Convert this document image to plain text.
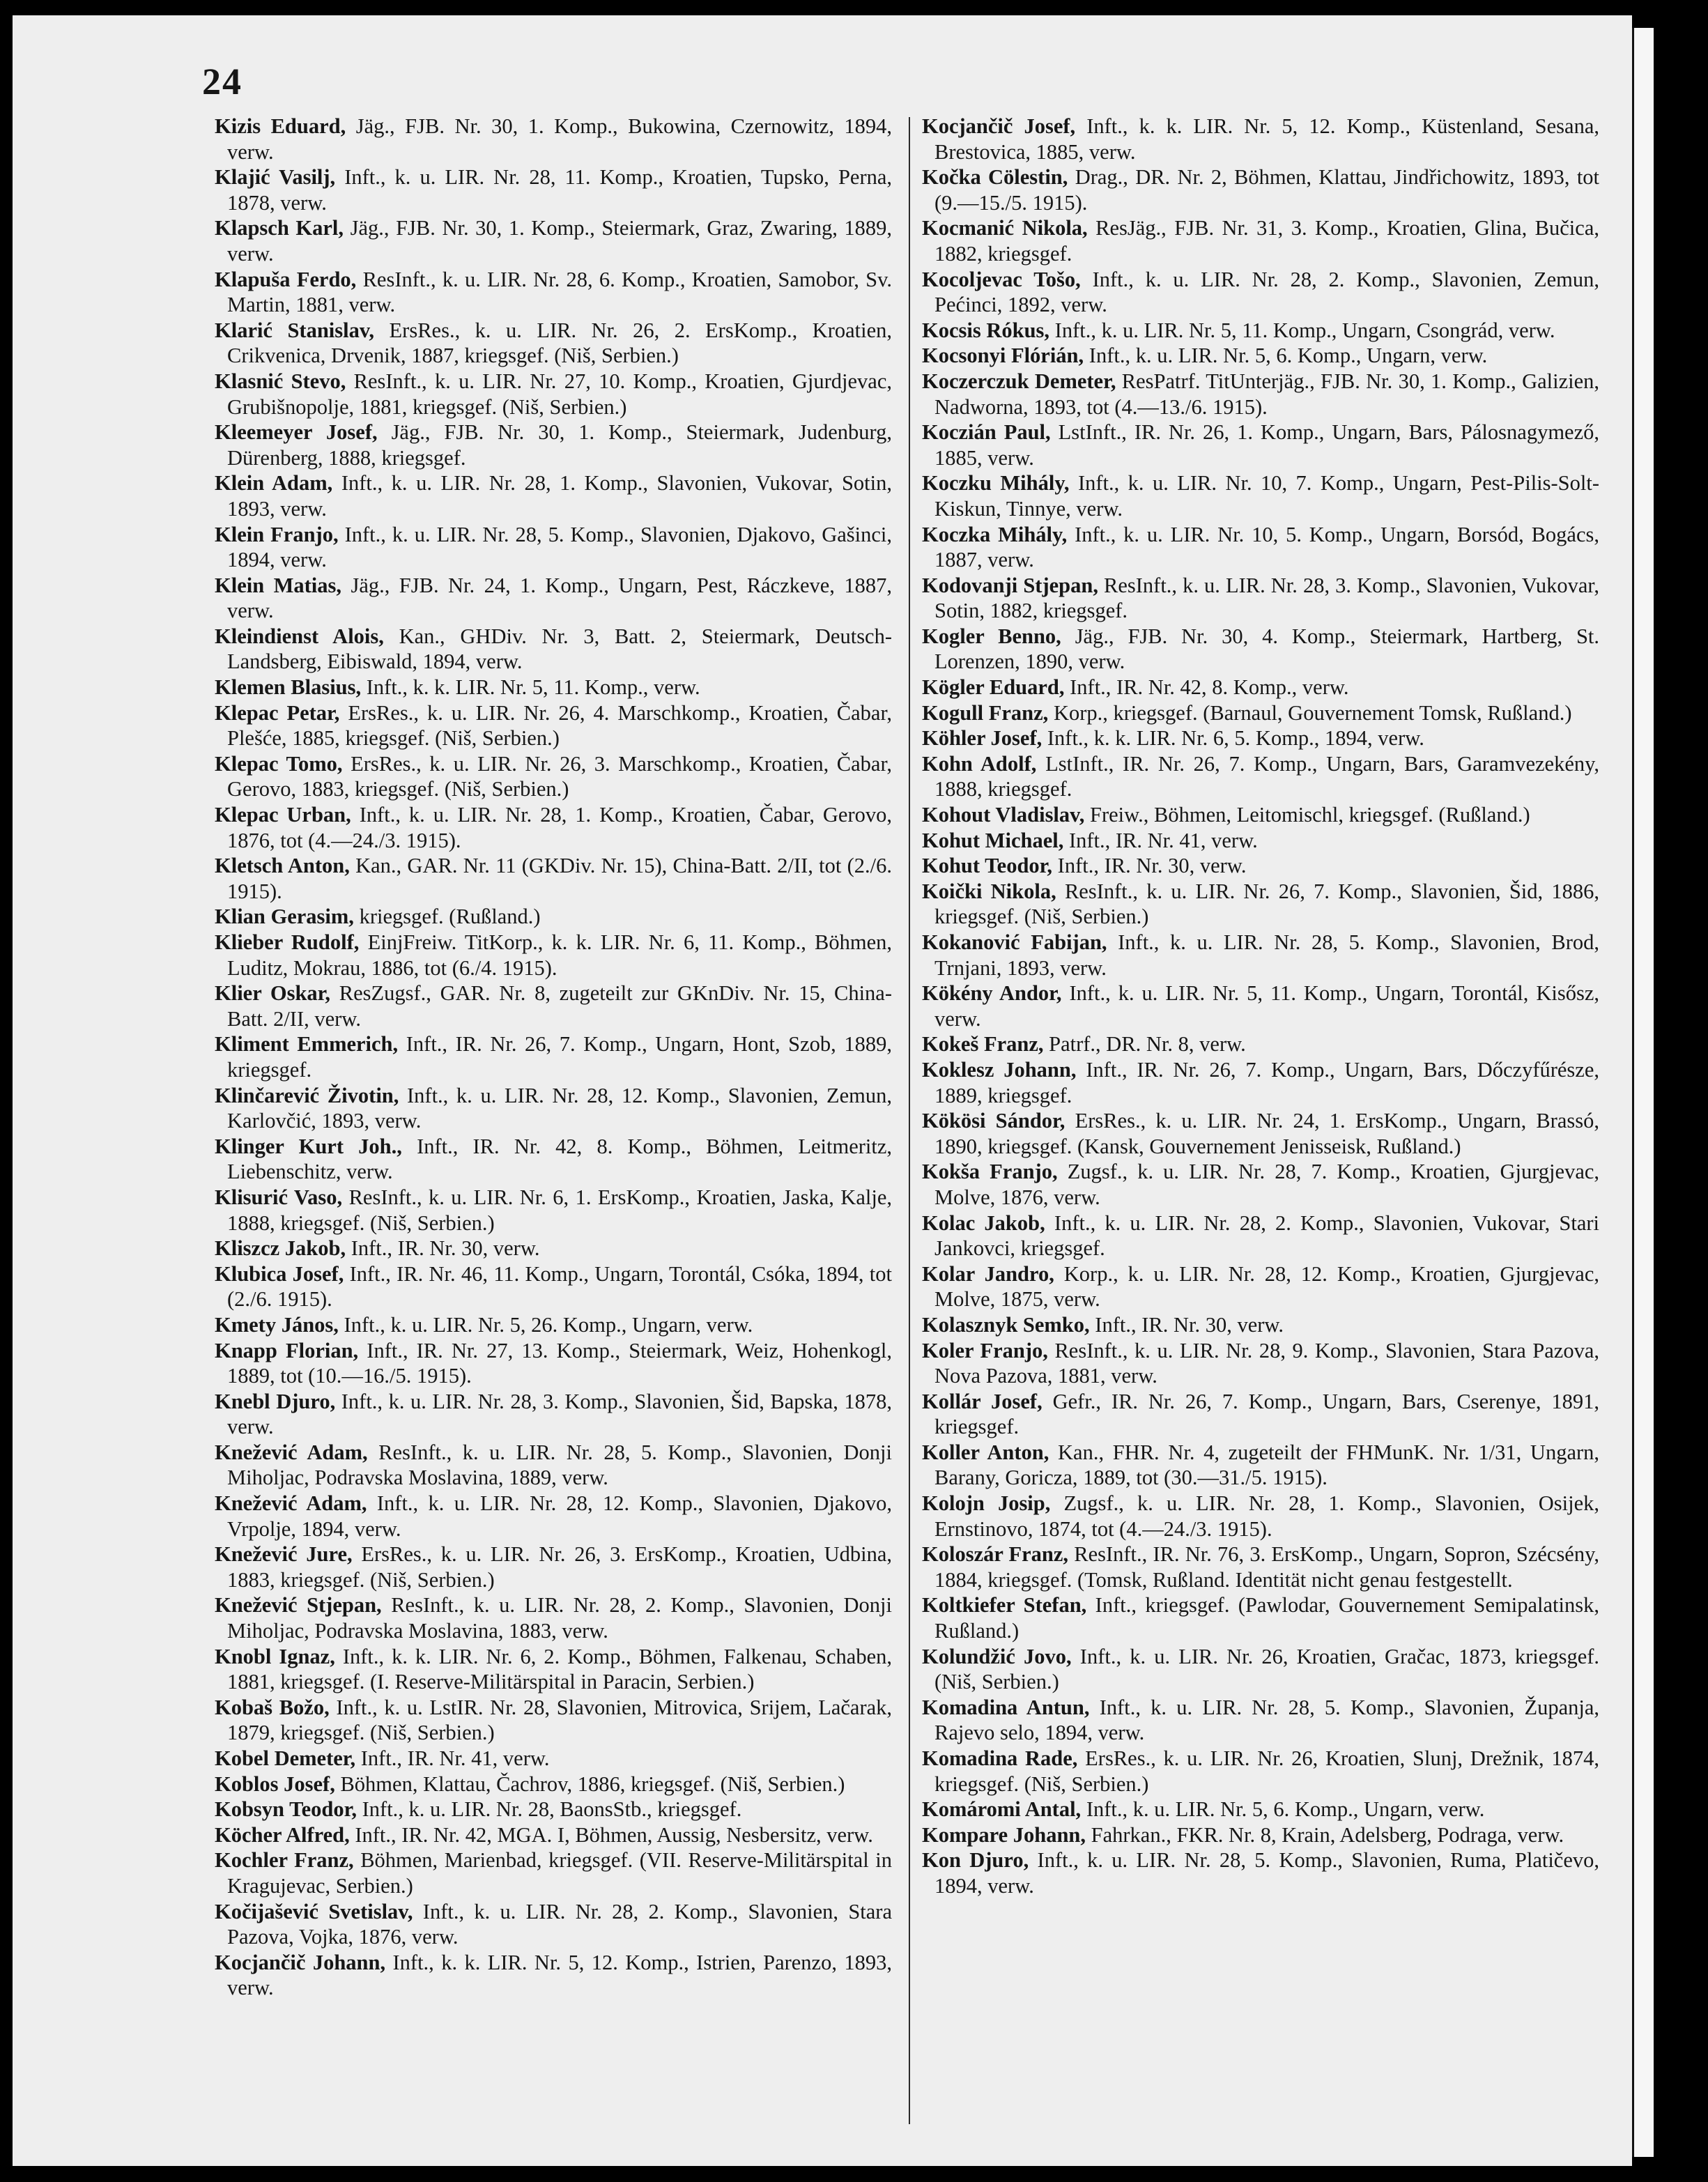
24

Kizis Eduard, Jäg., FJB. Nr. 30, 1. Komp., Bukowina, Czernowitz, 1894, verw.

Klajić Vasilj, Inft., k. u. LIR. Nr. 28, 11. Komp., Kroatien, Tupsko, Perna, 1878, verw.

Klapsch Karl, Jäg., FJB. Nr. 30, 1. Komp., Steiermark, Graz, Zwaring, 1889, verw.

Klapuša Ferdo, ResInft., k. u. LIR. Nr. 28, 6. Komp., Kroatien, Samobor, Sv. Martin, 1881, verw.

Klarić Stanislav, ErsRes., k. u. LIR. Nr. 26, 2. ErsKomp., Kroatien, Crikvenica, Drvenik, 1887, kriegsgef. (Niš, Serbien.)

Klasnić Stevo, ResInft., k. u. LIR. Nr. 27, 10. Komp., Kroatien, Gjurdjevac, Grubišnopolje, 1881, kriegsgef. (Niš, Serbien.)

Kleemeyer Josef, Jäg., FJB. Nr. 30, 1. Komp., Steiermark, Judenburg, Dürenberg, 1888, kriegsgef.

Klein Adam, Inft., k. u. LIR. Nr. 28, 1. Komp., Slavonien, Vukovar, Sotin, 1893, verw.

Klein Franjo, Inft., k. u. LIR. Nr. 28, 5. Komp., Slavonien, Djakovo, Gašinci, 1894, verw.

Klein Matias, Jäg., FJB. Nr. 24, 1. Komp., Ungarn, Pest, Ráczkeve, 1887, verw.

Kleindienst Alois, Kan., GHDiv. Nr. 3, Batt. 2, Steiermark, Deutsch-Landsberg, Eibiswald, 1894, verw.

Klemen Blasius, Inft., k. k. LIR. Nr. 5, 11. Komp., verw.

Klepac Petar, ErsRes., k. u. LIR. Nr. 26, 4. Marschkomp., Kroatien, Čabar, Plešće, 1885, kriegsgef. (Niš, Serbien.)

Klepac Tomo, ErsRes., k. u. LIR. Nr. 26, 3. Marschkomp., Kroatien, Čabar, Gerovo, 1883, kriegsgef. (Niš, Serbien.)

Klepac Urban, Inft., k. u. LIR. Nr. 28, 1. Komp., Kroatien, Čabar, Gerovo, 1876, tot (4.—24./3. 1915).

Kletsch Anton, Kan., GAR. Nr. 11 (GKDiv. Nr. 15), China-Batt. 2/II, tot (2./6. 1915).

Klian Gerasim, kriegsgef. (Rußland.)

Klieber Rudolf, EinjFreiw. TitKorp., k. k. LIR. Nr. 6, 11. Komp., Böhmen, Luditz, Mokrau, 1886, tot (6./4. 1915).

Klier Oskar, ResZugsf., GAR. Nr. 8, zugeteilt zur GKnDiv. Nr. 15, China-Batt. 2/II, verw.

Kliment Emmerich, Inft., IR. Nr. 26, 7. Komp., Ungarn, Hont, Szob, 1889, kriegsgef.

Klinčarević Životin, Inft., k. u. LIR. Nr. 28, 12. Komp., Slavonien, Zemun, Karlovčić, 1893, verw.

Klinger Kurt Joh., Inft., IR. Nr. 42, 8. Komp., Böhmen, Leitmeritz, Liebenschitz, verw.

Klisurić Vaso, ResInft., k. u. LIR. Nr. 6, 1. ErsKomp., Kroatien, Jaska, Kalje, 1888, kriegsgef. (Niš, Serbien.)

Kliszcz Jakob, Inft., IR. Nr. 30, verw.

Klubica Josef, Inft., IR. Nr. 46, 11. Komp., Ungarn, Torontál, Csóka, 1894, tot (2./6. 1915).

Kmety János, Inft., k. u. LIR. Nr. 5, 26. Komp., Ungarn, verw.

Knapp Florian, Inft., IR. Nr. 27, 13. Komp., Steiermark, Weiz, Hohenkogl, 1889, tot (10.—16./5. 1915).

Knebl Djuro, Inft., k. u. LIR. Nr. 28, 3. Komp., Slavonien, Šid, Bapska, 1878, verw.

Knežević Adam, ResInft., k. u. LIR. Nr. 28, 5. Komp., Slavonien, Donji Miholjac, Podravska Moslavina, 1889, verw.

Knežević Adam, Inft., k. u. LIR. Nr. 28, 12. Komp., Slavonien, Djakovo, Vrpolje, 1894, verw.

Knežević Jure, ErsRes., k. u. LIR. Nr. 26, 3. ErsKomp., Kroatien, Udbina, 1883, kriegsgef. (Niš, Serbien.)

Knežević Stjepan, ResInft., k. u. LIR. Nr. 28, 2. Komp., Slavonien, Donji Miholjac, Podravska Moslavina, 1883, verw.

Knobl Ignaz, Inft., k. k. LIR. Nr. 6, 2. Komp., Böhmen, Falkenau, Schaben, 1881, kriegsgef. (I. Reserve-Militärspital in Paracin, Serbien.)

Kobaš Božo, Inft., k. u. LstIR. Nr. 28, Slavonien, Mitrovica, Srijem, Lačarak, 1879, kriegsgef. (Niš, Serbien.)

Kobel Demeter, Inft., IR. Nr. 41, verw.

Koblos Josef, Böhmen, Klattau, Čachrov, 1886, kriegsgef. (Niš, Serbien.)

Kobsyn Teodor, Inft., k. u. LIR. Nr. 28, BaonsStb., kriegsgef.

Köcher Alfred, Inft., IR. Nr. 42, MGA. I, Böhmen, Aussig, Nesbersitz, verw.

Kochler Franz, Böhmen, Marienbad, kriegsgef. (VII. Reserve-Militärspital in Kragujevac, Serbien.)

Kočijašević Svetislav, Inft., k. u. LIR. Nr. 28, 2. Komp., Slavonien, Stara Pazova, Vojka, 1876, verw.

Kocjančič Johann, Inft., k. k. LIR. Nr. 5, 12. Komp., Istrien, Parenzo, 1893, verw.

Kocjančič Josef, Inft., k. k. LIR. Nr. 5, 12. Komp., Küstenland, Sesana, Brestovica, 1885, verw.

Kočka Cölestin, Drag., DR. Nr. 2, Böhmen, Klattau, Jindřichowitz, 1893, tot (9.—15./5. 1915).

Kocmanić Nikola, ResJäg., FJB. Nr. 31, 3. Komp., Kroatien, Glina, Bučica, 1882, kriegsgef.

Kocoljevac Tošo, Inft., k. u. LIR. Nr. 28, 2. Komp., Slavonien, Zemun, Pećinci, 1892, verw.

Kocsis Rókus, Inft., k. u. LIR. Nr. 5, 11. Komp., Ungarn, Csongrád, verw.

Kocsonyi Flórián, Inft., k. u. LIR. Nr. 5, 6. Komp., Ungarn, verw.

Koczerczuk Demeter, ResPatrf. TitUnterjäg., FJB. Nr. 30, 1. Komp., Galizien, Nadworna, 1893, tot (4.—13./6. 1915).

Koczián Paul, LstInft., IR. Nr. 26, 1. Komp., Ungarn, Bars, Pálosnagymező, 1885, verw.

Koczku Mihály, Inft., k. u. LIR. Nr. 10, 7. Komp., Ungarn, Pest-Pilis-Solt-Kiskun, Tinnye, verw.

Koczka Mihály, Inft., k. u. LIR. Nr. 10, 5. Komp., Ungarn, Borsód, Bogács, 1887, verw.

Kodovanji Stjepan, ResInft., k. u. LIR. Nr. 28, 3. Komp., Slavonien, Vukovar, Sotin, 1882, kriegsgef.

Kogler Benno, Jäg., FJB. Nr. 30, 4. Komp., Steiermark, Hartberg, St. Lorenzen, 1890, verw.

Kögler Eduard, Inft., IR. Nr. 42, 8. Komp., verw.

Kogull Franz, Korp., kriegsgef. (Barnaul, Gouvernement Tomsk, Rußland.)

Köhler Josef, Inft., k. k. LIR. Nr. 6, 5. Komp., 1894, verw.

Kohn Adolf, LstInft., IR. Nr. 26, 7. Komp., Ungarn, Bars, Garamvezekény, 1888, kriegsgef.

Kohout Vladislav, Freiw., Böhmen, Leitomischl, kriegsgef. (Rußland.)

Kohut Michael, Inft., IR. Nr. 41, verw.

Kohut Teodor, Inft., IR. Nr. 30, verw.

Koički Nikola, ResInft., k. u. LIR. Nr. 26, 7. Komp., Slavonien, Šid, 1886, kriegsgef. (Niš, Serbien.)

Kokanović Fabijan, Inft., k. u. LIR. Nr. 28, 5. Komp., Slavonien, Brod, Trnjani, 1893, verw.

Kökény Andor, Inft., k. u. LIR. Nr. 5, 11. Komp., Ungarn, Torontál, Kisősz, verw.

Kokeš Franz, Patrf., DR. Nr. 8, verw.

Koklesz Johann, Inft., IR. Nr. 26, 7. Komp., Ungarn, Bars, Dőczyfűrésze, 1889, kriegsgef.

Kökösi Sándor, ErsRes., k. u. LIR. Nr. 24, 1. ErsKomp., Ungarn, Brassó, 1890, kriegsgef. (Kansk, Gouvernement Jenisseisk, Rußland.)

Kokša Franjo, Zugsf., k. u. LIR. Nr. 28, 7. Komp., Kroatien, Gjurgjevac, Molve, 1876, verw.

Kolac Jakob, Inft., k. u. LIR. Nr. 28, 2. Komp., Slavonien, Vukovar, Stari Jankovci, kriegsgef.

Kolar Jandro, Korp., k. u. LIR. Nr. 28, 12. Komp., Kroatien, Gjurgjevac, Molve, 1875, verw.

Kolasznyk Semko, Inft., IR. Nr. 30, verw.

Koler Franjo, ResInft., k. u. LIR. Nr. 28, 9. Komp., Slavonien, Stara Pazova, Nova Pazova, 1881, verw.

Kollár Josef, Gefr., IR. Nr. 26, 7. Komp., Ungarn, Bars, Cserenye, 1891, kriegsgef.

Koller Anton, Kan., FHR. Nr. 4, zugeteilt der FHMunK. Nr. 1/31, Ungarn, Barany, Goricza, 1889, tot (30.—31./5. 1915).

Kolojn Josip, Zugsf., k. u. LIR. Nr. 28, 1. Komp., Slavonien, Osijek, Ernstinovo, 1874, tot (4.—24./3. 1915).

Koloszár Franz, ResInft., IR. Nr. 76, 3. ErsKomp., Ungarn, Sopron, Szécsény, 1884, kriegsgef. (Tomsk, Rußland. Identität nicht genau festgestellt.

Koltkiefer Stefan, Inft., kriegsgef. (Pawlodar, Gouvernement Semipalatinsk, Rußland.)

Kolundžić Jovo, Inft., k. u. LIR. Nr. 26, Kroatien, Gračac, 1873, kriegsgef. (Niš, Serbien.)

Komadina Antun, Inft., k. u. LIR. Nr. 28, 5. Komp., Slavonien, Županja, Rajevo selo, 1894, verw.

Komadina Rade, ErsRes., k. u. LIR. Nr. 26, Kroatien, Slunj, Drežnik, 1874, kriegsgef. (Niš, Serbien.)

Komáromi Antal, Inft., k. u. LIR. Nr. 5, 6. Komp., Ungarn, verw.

Kompare Johann, Fahrkan., FKR. Nr. 8, Krain, Adelsberg, Podraga, verw.

Kon Djuro, Inft., k. u. LIR. Nr. 28, 5. Komp., Slavonien, Ruma, Platičevo, 1894, verw.
